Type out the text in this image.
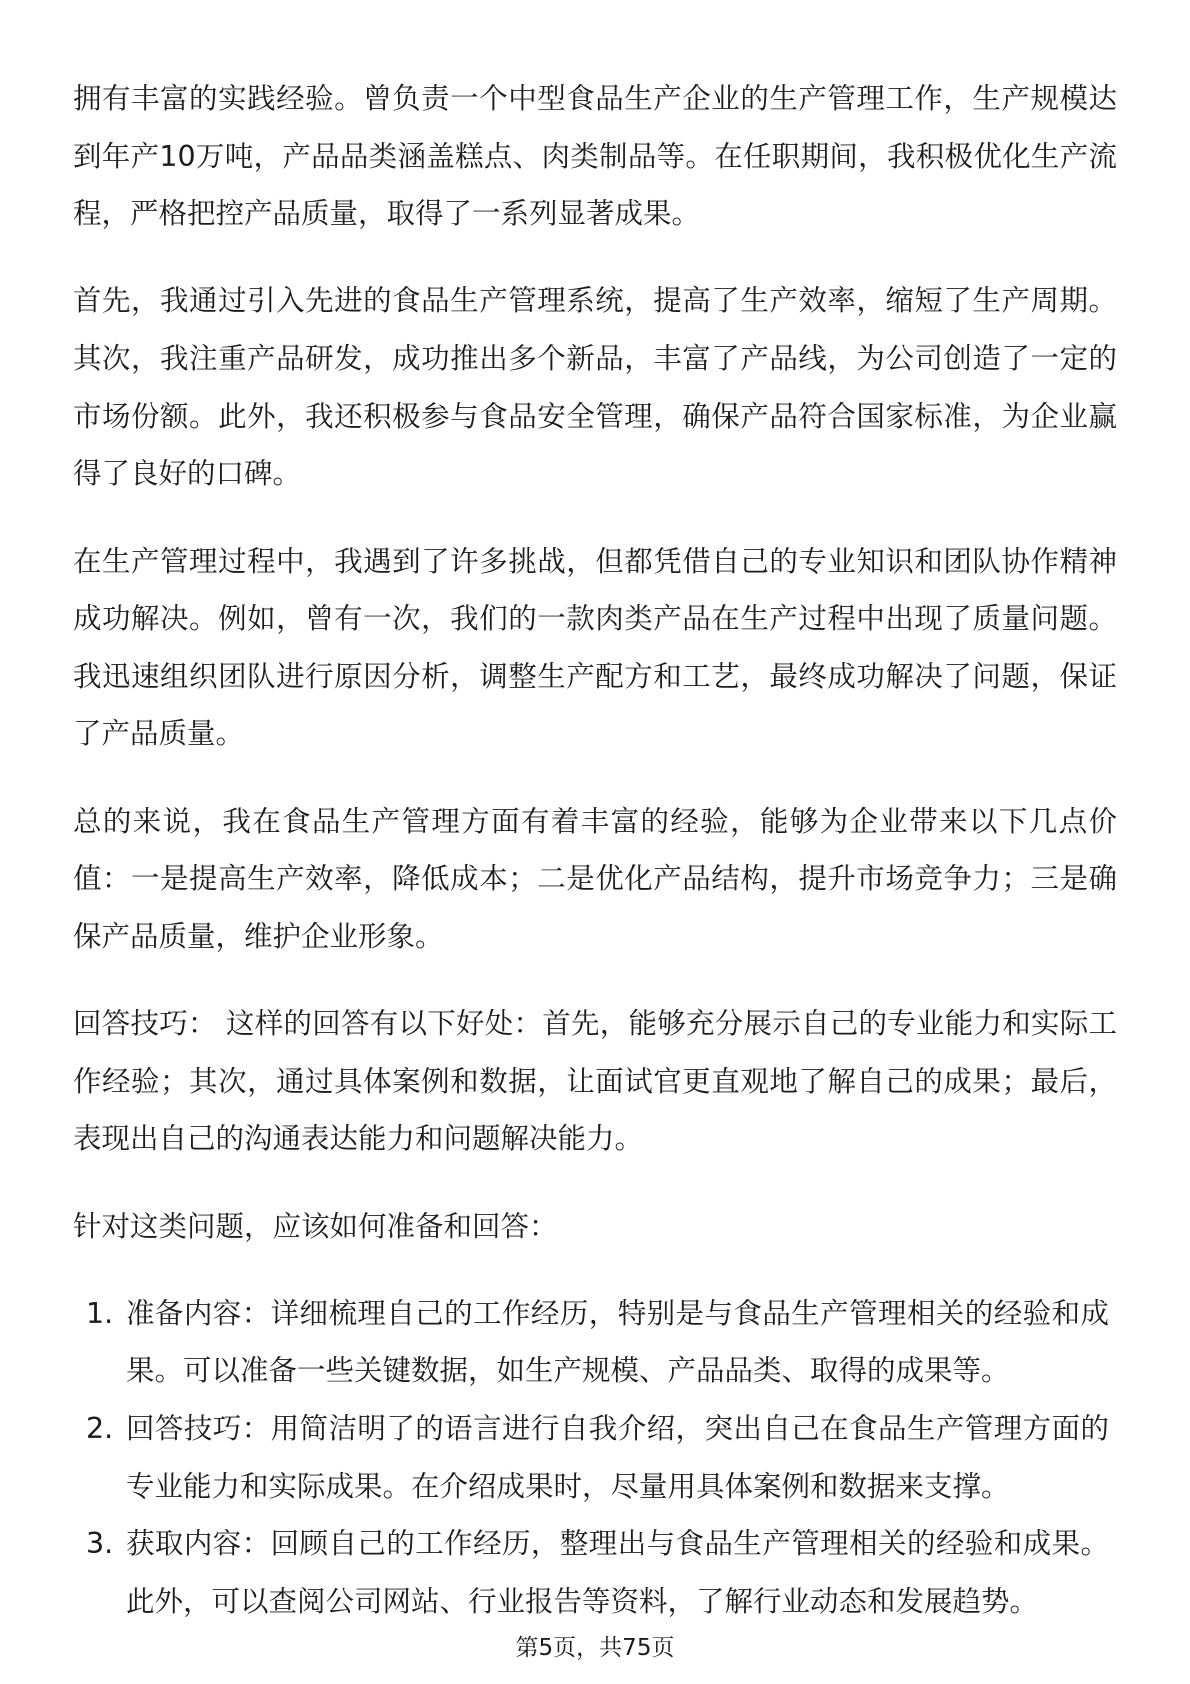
拥有丰富的实践经验。曾负责一个中型食品生产企业的生产管理工作，生产规模达
到年产10万吨，产品品类涵盖糕点、肉类制品等。在任职期间，我积极优化生产流
程，严格把控产品质量，取得了一系列显著成果。
首先，我通过引入先进的食品生产管理系统，提高了生产效率，缩短了生产周期。
其次，我注重产品研发，成功推出多个新品，丰富了产品线，为公司创造了一定的
市场份额。此外，我还积极参与食品安全管理，确保产品符合国家标准，为企业赢
得了良好的口碑。
在生产管理过程中，我遇到了许多挑战，但都凭借自己的专业知识和团队协作精神
成功解决。例如，曾有一次，我们的一款肉类产品在生产过程中出现了质量问题。
我迅速组织团队进行原因分析，调整生产配方和工艺，最终成功解决了问题，保证
了产品质量。
总的来说，我在食品生产管理方面有着丰富的经验，能够为企业带来以下几点价
值：一是提高生产效率，降低成本；二是优化产品结构，提升市场竞争力；三是确
保产品质量，维护企业形象。
回答技巧： 这样的回答有以下好处：首先，能够充分展示自己的专业能力和实际工
作经验；其次，通过具体案例和数据，让面试官更直观地了解自己的成果；最后，
表现出自己的沟通表达能力和问题解决能力。
针对这类问题，应该如何准备和回答：
1. 准备内容：详细梳理自己的工作经历，特别是与食品生产管理相关的经验和成
果。可以准备一些关键数据，如生产规模、产品品类、取得的成果等。
2. 回答技巧：用简洁明了的语言进行自我介绍，突出自己在食品生产管理方面的
专业能力和实际成果。在介绍成果时，尽量用具体案例和数据来支撑。
3. 获取内容：回顾自己的工作经历，整理出与食品生产管理相关的经验和成果。
此外，可以查阅公司网站、行业报告等资料，了解行业动态和发展趋势。
第5页，共75页
